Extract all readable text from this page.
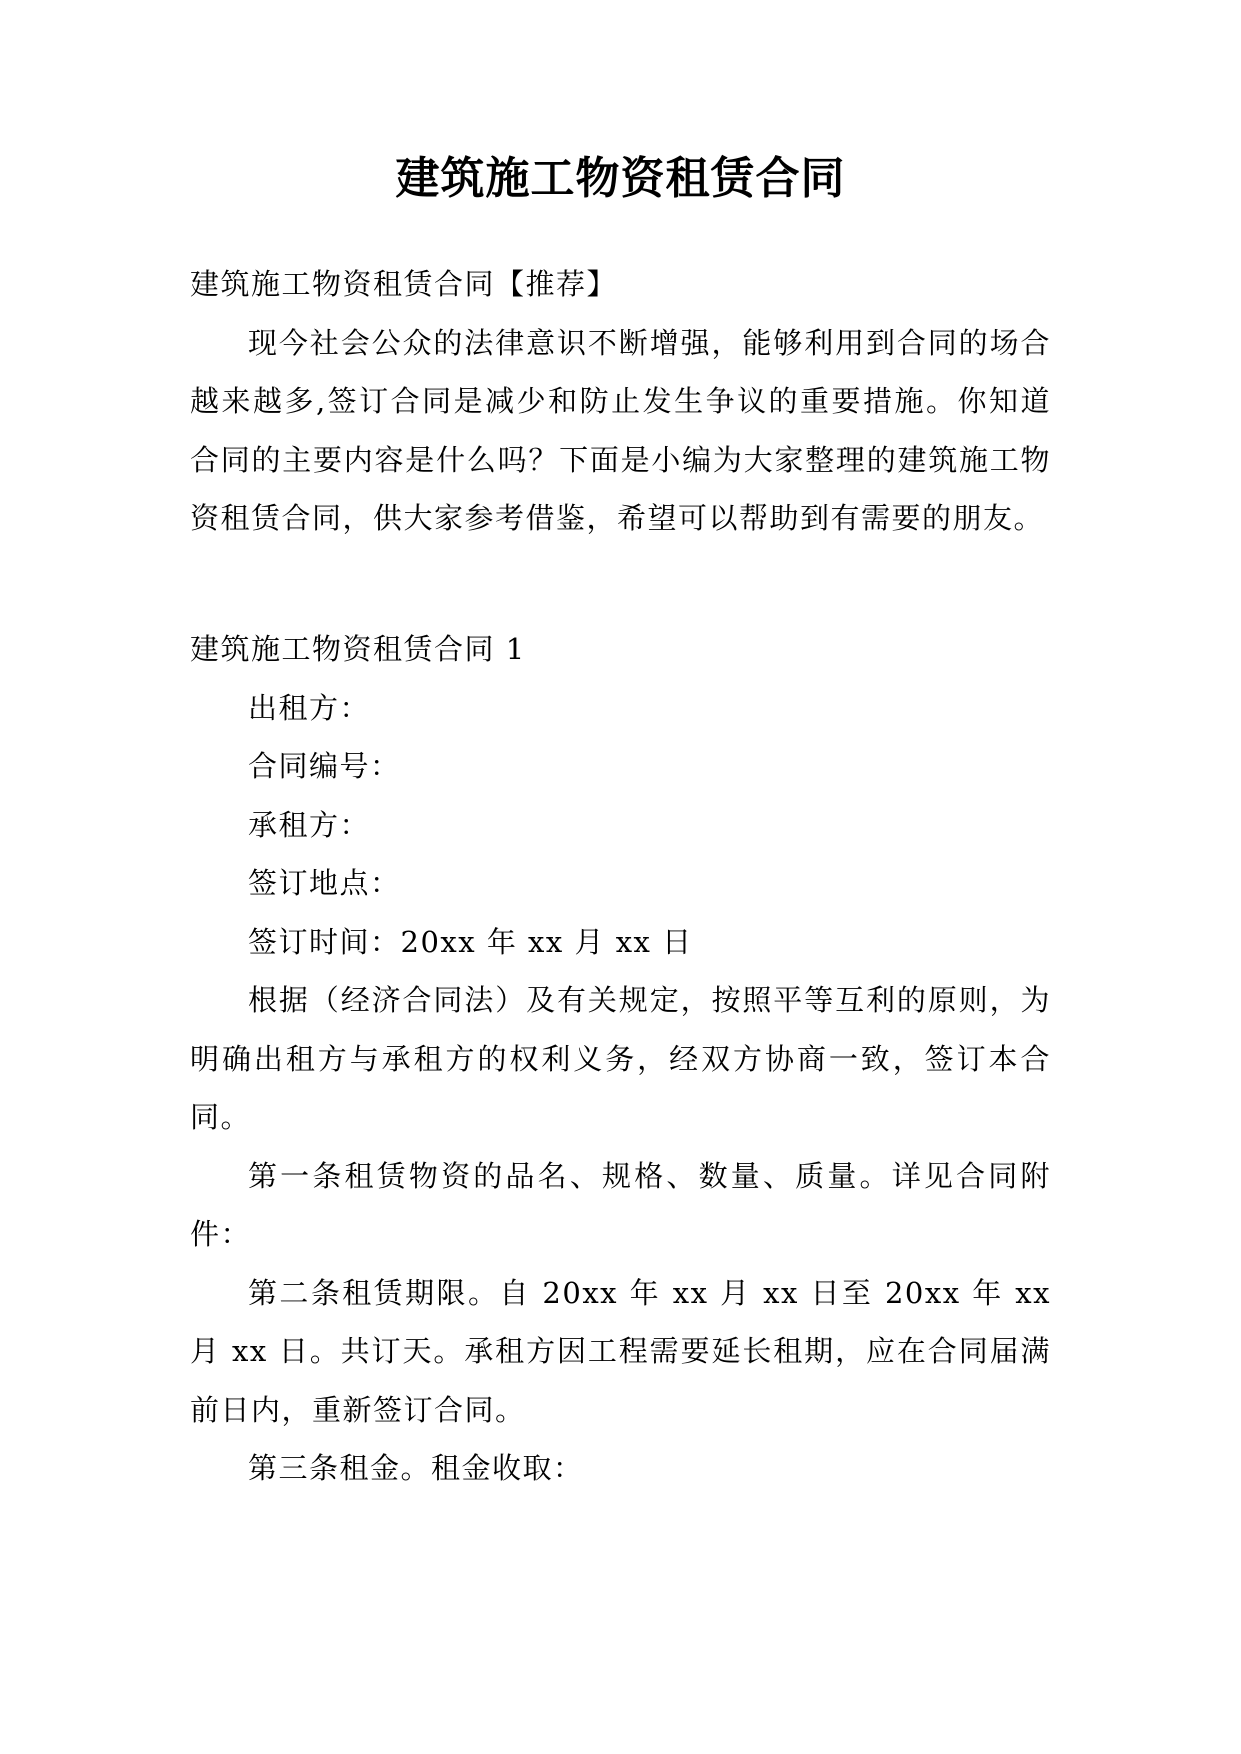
建筑施工物资租赁合同

建筑施工物资租赁合同【推荐】

现今社会公众的法律意识不断增强，能够利用到合同的场合越来越多,签订合同是减少和防止发生争议的重要措施。你知道合同的主要内容是什么吗？下面是小编为大家整理的建筑施工物资租赁合同，供大家参考借鉴，希望可以帮助到有需要的朋友。

建筑施工物资租赁合同 1

出租方：

合同编号：

承租方：

签订地点：

签订时间：20xx 年 xx 月 xx 日

根据（经济合同法）及有关规定，按照平等互利的原则，为明确出租方与承租方的权利义务，经双方协商一致，签订本合同。

第一条租赁物资的品名、规格、数量、质量。详见合同附件：

第二条租赁期限。自 20xx 年 xx 月 xx 日至 20xx 年 xx 月 xx 日。共订天。承租方因工程需要延长租期，应在合同届满前日内，重新签订合同。

第三条租金。租金收取：
